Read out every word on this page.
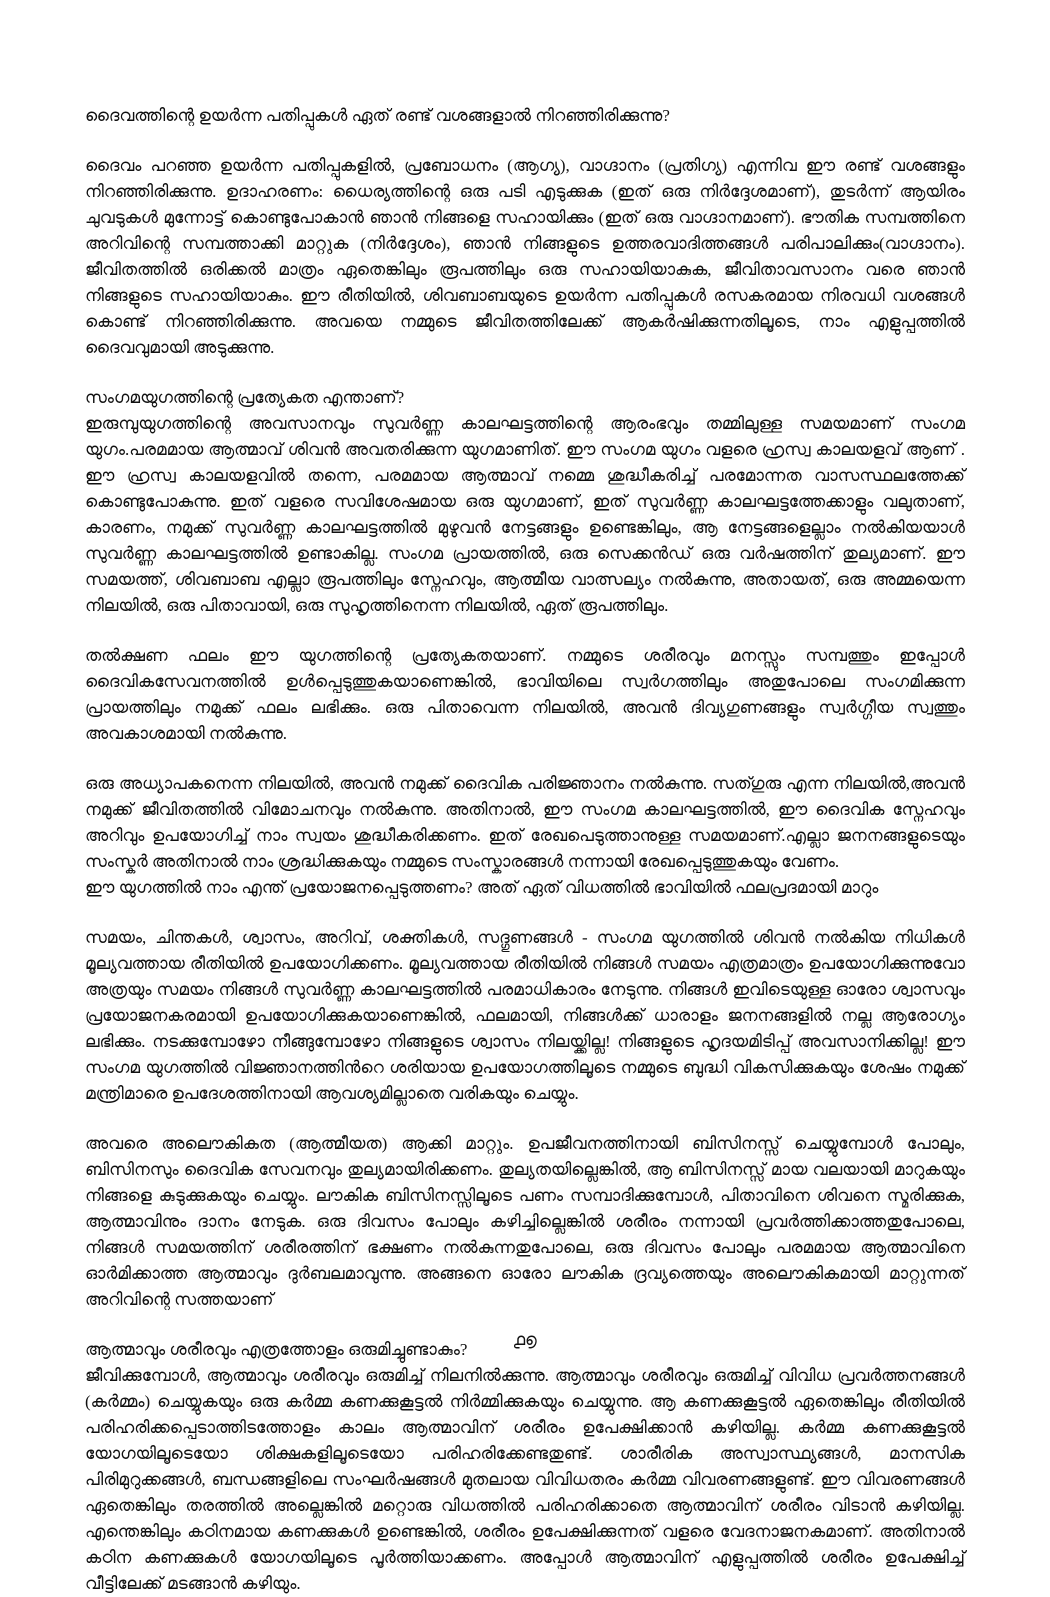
ദൈവത്തിന്റെ ഉയർന്ന പതിപ്പുകൾ ഏത് രണ്ട് വശങ്ങളാൽ നിറഞ്ഞിരിക്കുന്നു?

ദൈവം പറഞ്ഞ ഉയർന്ന പതിപ്പുകളിൽ, പ്രബോധനം (ആഗ്യ), വാഗ്ദാനം (പ്രതിഗ്യ) എന്നിവ ഈ രണ്ട് വശങ്ങളും നിറഞ്ഞിരിക്കുന്നു. ഉദാഹരണം: ധൈര്യത്തിന്റെ ഒരു പടി എടുക്കുക (ഇത് ഒരു നിർദ്ദേശമാണ്), തുടർന്ന് ആയിരം ചുവടുകൾ മുന്നോട്ട് കൊണ്ടുപോകാൻ ഞാൻ നിങ്ങളെ സഹായിക്കും (ഇത് ഒരു വാഗ്ദാനമാണ്). ഭൗതിക സമ്പത്തിനെ അറിവിന്റെ സമ്പത്താക്കി മാറ്റുക (നിർദ്ദേശം), ഞാൻ നിങ്ങളുടെ ഉത്തരവാദിത്തങ്ങൾ പരിപാലിക്കും(വാഗ്ദാനം). ജീവിതത്തിൽ ഒരിക്കൽ മാത്രം ഏതെങ്കിലും രൂപത്തിലും ഒരു സഹായിയാകുക, ജീവിതാവസാനം വരെ ഞാൻ നിങ്ങളുടെ സഹായിയാകും. ഈ രീതിയിൽ, ശിവബാബയുടെ ഉയർന്ന പതിപ്പുകൾ രസകരമായ നിരവധി വശങ്ങൾ കൊണ്ട് നിറഞ്ഞിരിക്കുന്നു. അവയെ നമ്മുടെ ജീവിതത്തിലേക്ക് ആകർഷിക്കുന്നതിലൂടെ, നാം എളുപ്പത്തിൽ ദൈവവുമായി അടുക്കുന്നു.

സംഗമയുഗത്തിന്റെ പ്രത്യേകത എന്താണ്?

ഇരുമ്പുയുഗത്തിന്റെ അവസാനവും സുവർണ്ണ കാലഘട്ടത്തിന്റെ ആരംഭവും തമ്മിലുള്ള സമയമാണ് സംഗമ യുഗം.പരമമായ ആത്മാവ് ശിവൻ അവതരിക്കുന്ന യുഗമാണിത്. ഈ സംഗമ യുഗം വളരെ ഹ്രസ്വ കാലയളവ് ആണ് . ഈ ഹ്രസ്വ കാലയളവിൽ തന്നെ, പരമമായ ആത്മാവ് നമ്മെ ശുദ്ധീകരിച്ച് പരമോന്നത വാസസ്ഥലത്തേക്ക് കൊണ്ടുപോകുന്നു. ഇത് വളരെ സവിശേഷമായ ഒരു യുഗമാണ്, ഇത് സുവർണ്ണ കാലഘട്ടത്തേക്കാളും വലുതാണ്, കാരണം, നമുക്ക് സുവർണ്ണ കാലഘട്ടത്തിൽ മുഴുവൻ നേട്ടങ്ങളും ഉണ്ടെങ്കിലും, ആ നേട്ടങ്ങളെല്ലാം നൽകിയയാൾ സുവർണ്ണ കാലഘട്ടത്തിൽ ഉണ്ടാകില്ല. സംഗമ പ്രായത്തിൽ, ഒരു സെക്കൻഡ് ഒരു വർഷത്തിന് തുല്യമാണ്. ഈ സമയത്ത്, ശിവബാബ എല്ലാ രൂപത്തിലും സ്നേഹവും, ആത്മീയ വാത്സല്യം നൽകുന്നു, അതായത്, ഒരു അമ്മയെന്ന നിലയിൽ, ഒരു പിതാവായി, ഒരു സുഹൃത്തിനെന്ന നിലയിൽ, ഏത് രൂപത്തിലും.

തൽക്ഷണ ഫലം ഈ യുഗത്തിന്റെ പ്രത്യേകതയാണ്. നമ്മുടെ ശരീരവും മനസ്സും സമ്പത്തും ഇപ്പോൾ ദൈവികസേവനത്തിൽ ഉൾപ്പെടുത്തുകയാണെങ്കിൽ, ഭാവിയിലെ സ്വർഗത്തിലും അതുപോലെ സംഗമിക്കുന്ന പ്രായത്തിലും നമുക്ക് ഫലം ലഭിക്കും. ഒരു പിതാവെന്ന നിലയിൽ, അവൻ ദിവ്യഗുണങ്ങളും സ്വർഗ്ഗീയ സ്വത്തും അവകാശമായി നൽകുന്നു.

ഒരു അധ്യാപകനെന്ന നിലയിൽ, അവൻ നമുക്ക് ദൈവിക പരിജ്ഞാനം നൽകുന്നു. സത്ഗുരു എന്ന നിലയിൽ,അവൻ നമുക്ക് ജീവിതത്തിൽ വിമോചനവും നൽകുന്നു. അതിനാൽ, ഈ സംഗമ കാലഘട്ടത്തിൽ, ഈ ദൈവിക സ്നേഹവും അറിവും ഉപയോഗിച്ച് നാം സ്വയം ശുദ്ധീകരിക്കണം. ഇത് രേഖപെടുത്താനുള്ള സമയമാണ്.എല്ലാ ജനനങ്ങളുടെയും സംസ്കർ അതിനാൽ നാം ശ്രദ്ധിക്കുകയും നമ്മുടെ സംസ്കാരങ്ങൾ നന്നായി രേഖപ്പെടുത്തുകയും വേണം.

ഈ യുഗത്തിൽ നാം എന്ത് പ്രയോജനപ്പെടുത്തണം? അത് ഏത് വിധത്തിൽ ഭാവിയിൽ ഫലപ്രദമായി മാറും

സമയം, ചിന്തകൾ, ശ്വാസം, അറിവ്, ശക്തികൾ, സദ്ഗുണങ്ങൾ - സംഗമ യുഗത്തിൽ ശിവൻ നൽകിയ നിധികൾ മൂല്യവത്തായ രീതിയിൽ ഉപയോഗിക്കണം. മൂല്യവത്തായ രീതിയിൽ നിങ്ങൾ സമയം എത്രമാത്രം ഉപയോഗിക്കുന്നുവോ അത്രയും സമയം നിങ്ങൾ സുവർണ്ണ കാലഘട്ടത്തിൽ പരമാധികാരം നേടുന്നു. നിങ്ങൾ ഇവിടെയുള്ള ഓരോ ശ്വാസവും പ്രയോജനകരമായി ഉപയോഗിക്കുകയാണെങ്കിൽ, ഫലമായി, നിങ്ങൾക്ക് ധാരാളം ജനനങ്ങളിൽ നല്ല ആരോഗ്യം ലഭിക്കും. നടക്കുമ്പോഴോ നീങ്ങുമ്പോഴോ നിങ്ങളുടെ ശ്വാസം നിലയ്ക്കില്ല! നിങ്ങളുടെ ഹൃദയമിടിപ്പ് അവസാനിക്കില്ല! ഈ സംഗമ യുഗത്തിൽ വിജ്ഞാനത്തിൻറെ ശരിയായ ഉപയോഗത്തിലൂടെ നമ്മുടെ ബുദ്ധി വികസിക്കുകയും ശേഷം നമുക്ക് മന്ത്രിമാരെ ഉപദേശത്തിനായി ആവശ്യമില്ലാതെ വരികയും ചെയ്യും.

അവരെ അലൌകികത (ആത്മീയത) ആക്കി മാറ്റും. ഉപജീവനത്തിനായി ബിസിനസ്സ് ചെയ്യുമ്പോൾ പോലും, ബിസിനസും ദൈവിക സേവനവും തുല്യമായിരിക്കണം. തുല്യതയില്ലെങ്കിൽ, ആ ബിസിനസ്സ് മായ വലയായി മാറുകയും നിങ്ങളെ കുടുക്കുകയും ചെയ്യും. ലൗകിക ബിസിനസ്സിലൂടെ പണം സമ്പാദിക്കുമ്പോൾ, പിതാവിനെ ശിവനെ സ്മരിക്കുക, ആത്മാവിനും ദാനം നേടുക. ഒരു ദിവസം പോലും കഴിച്ചില്ലെങ്കിൽ ശരീരം നന്നായി പ്രവർത്തിക്കാത്തതുപോലെ, നിങ്ങൾ സമയത്തിന് ശരീരത്തിന് ഭക്ഷണം നൽകുന്നതുപോലെ, ഒരു ദിവസം പോലും പരമമായ ആത്മാവിനെ ഓർമിക്കാത്ത ആത്മാവും ദുർബലമാവുന്നു. അങ്ങനെ ഓരോ ലൗകിക ദ്രവ്യത്തെയും അലൌകികമായി മാറ്റുന്നത് അറിവിന്റെ സത്തയാണ്

ആത്മാവും ശരീരവും എത്രത്തോളം ഒരുമിച്ചുണ്ടാകും?

ജീവിക്കുമ്പോൾ, ആത്മാവും ശരീരവും ഒരുമിച്ച് നിലനിൽക്കുന്നു. ആത്മാവും ശരീരവും ഒരുമിച്ച് വിവിധ പ്രവർത്തനങ്ങൾ (കർമ്മം) ചെയ്യുകയും ഒരു കർമ്മ കണക്കുകൂട്ടൽ നിർമ്മിക്കുകയും ചെയ്യുന്നു. ആ കണക്കുകൂട്ടൽ ഏതെങ്കിലും രീതിയിൽ പരിഹരിക്കപ്പെടാത്തിടത്തോളം കാലം ആത്മാവിന് ശരീരം ഉപേക്ഷിക്കാൻ കഴിയില്ല. കർമ്മ കണക്കുകൂട്ടൽ യോഗയിലൂടെയോ ശിക്ഷകളിലൂടെയോ പരിഹരിക്കേണ്ടതുണ്ട്. ശാരീരിക അസ്വാസ്ഥ്യങ്ങൾ, മാനസിക പിരിമുറുക്കങ്ങൾ, ബന്ധങ്ങളിലെ സംഘർഷങ്ങൾ മുതലായ വിവിധതരം കർമ്മ വിവരണങ്ങളുണ്ട്. ഈ വിവരണങ്ങൾ ഏതെങ്കിലും തരത്തിൽ അല്ലെങ്കിൽ മറ്റൊരു വിധത്തിൽ പരിഹരിക്കാതെ ആത്മാവിന് ശരീരം വിടാൻ കഴിയില്ല. എന്തെങ്കിലും കഠിനമായ കണക്കുകൾ ഉണ്ടെങ്കിൽ, ശരീരം ഉപേക്ഷിക്കുന്നത് വളരെ വേദനാജനകമാണ്. അതിനാൽ കഠിന കണക്കുകൾ യോഗയിലൂടെ പൂർത്തിയാക്കണം. അപ്പോൾ ആത്മാവിന് എളുപ്പത്തിൽ ശരീരം ഉപേക്ഷിച്ച് വീട്ടിലേക്ക് മടങ്ങാൻ കഴിയും.

൧൭
